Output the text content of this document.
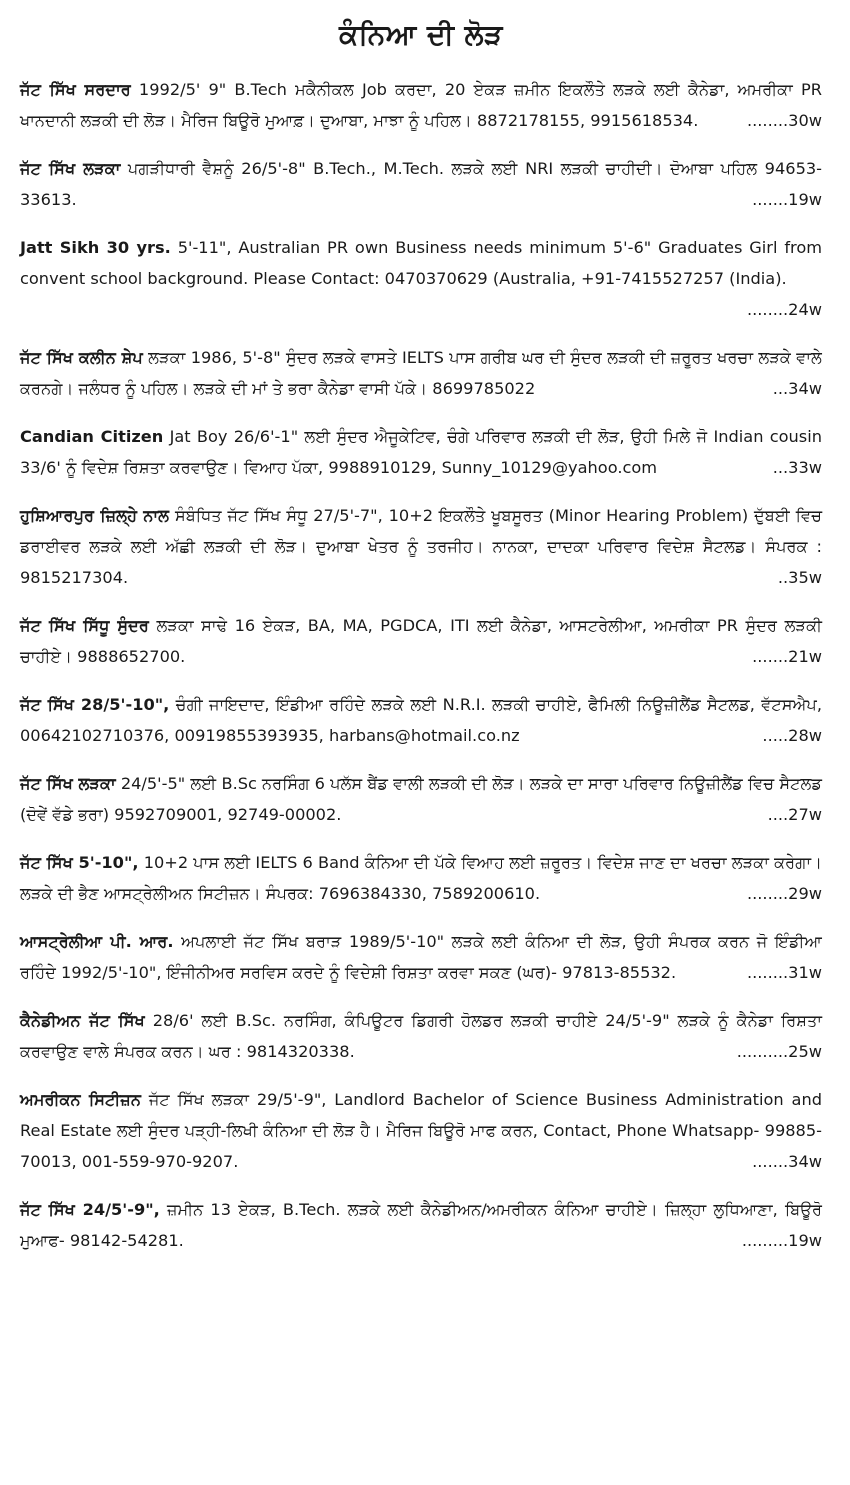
ਕੰਨਿਆ ਦੀ ਲੋੜ
ਜੱਟ ਸਿੱਖ ਸਰਦਾਰ 1992/5' 9" B.Tech ਮਕੈਨੀਕਲ Job ਕਰਦਾ, 20 ਏਕੜ ਜ਼ਮੀਨ ਇਕਲੌਤੇ ਲੜਕੇ ਲਈ ਕੈਨੇਡਾ, ਅਮਰੀਕਾ PR ਖਾਨਦਾਨੀ ਲੜਕੀ ਦੀ ਲੋੜ। ਮੈਰਿਜ ਬਿਊਰੋ ਮੁਆਫ਼। ਦੁਆਬਾ, ਮਾਝਾ ਨੂੰ ਪਹਿਲ। 8872178155, 9915618534.	........30w
ਜੱਟ ਸਿੱਖ ਲੜਕਾ ਪਗੜੀਧਾਰੀ ਵੈਸ਼ਨੂੰ 26/5'-8" B.Tech., M.Tech. ਲੜਕੇ ਲਈ NRI ਲੜਕੀ ਚਾਹੀਦੀ। ਦੋਆਬਾ ਪਹਿਲ 94653-33613.	.......19w
Jatt Sikh 30 yrs. 5'-11", Australian PR own Business needs minimum 5'-6" Graduates Girl from convent school background. Please Contact: 0470370629 (Australia, +91-7415527257 (India).
........24w
ਜੱਟ ਸਿੱਖ ਕਲੀਨ ਸ਼ੇਪ ਲੜਕਾ 1986, 5'-8" ਸੁੰਦਰ ਲੜਕੇ ਵਾਸਤੇ IELTS ਪਾਸ ਗਰੀਬ ਘਰ ਦੀ ਸੁੰਦਰ ਲੜਕੀ ਦੀ ਜ਼ਰੂਰਤ ਖਰਚਾ ਲੜਕੇ ਵਾਲੇ ਕਰਨਗੇ। ਜਲੰਧਰ ਨੂੰ ਪਹਿਲ। ਲੜਕੇ ਦੀ ਮਾਂ ਤੇ ਭਰਾ ਕੈਨੇਡਾ ਵਾਸੀ ਪੱਕੇ। 8699785022	...34w
Candian Citizen Jat Boy 26/6'-1" ਲਈ ਸੁੰਦਰ ਐਜੂਕੇਟਿਵ, ਚੰਗੇ ਪਰਿਵਾਰ ਲੜਕੀ ਦੀ ਲੋੜ, ਉਹੀ ਮਿਲੇ ਜੋ Indian cousin 33/6' ਨੂੰ ਵਿਦੇਸ਼ ਰਿਸ਼ਤਾ ਕਰਵਾਉਣ। ਵਿਆਹ ਪੱਕਾ, 9988910129, Sunny_10129@yahoo.com	...33w
ਹੁਸ਼ਿਆਰਪੁਰ ਜ਼ਿਲ੍ਹੇ ਨਾਲ ਸੰਬੰਧਿਤ ਜੱਟ ਸਿੱਖ ਸੰਧੂ 27/5'-7", 10+2 ਇਕਲੌਤੇ ਖੂਬਸੂਰਤ (Minor Hearing Problem) ਦੁੱਬਈ ਵਿਚ ਡਰਾਈਵਰ ਲੜਕੇ ਲਈ ਅੱਛੀ ਲੜਕੀ ਦੀ ਲੋੜ। ਦੁਆਬਾ ਖੇਤਰ ਨੂੰ ਤਰਜੀਹ। ਨਾਨਕਾ, ਦਾਦਕਾ ਪਰਿਵਾਰ ਵਿਦੇਸ਼ ਸੈਟਲਡ। ਸੰਪਰਕ : 9815217304.	..35w
ਜੱਟ ਸਿੱਖ ਸਿੱਧੂ ਸੁੰਦਰ ਲੜਕਾ ਸਾਢੇ 16 ਏਕੜ, BA, MA, PGDCA, ITI ਲਈ ਕੈਨੇਡਾ, ਆਸਟਰੇਲੀਆ, ਅਮਰੀਕਾ PR ਸੁੰਦਰ ਲੜਕੀ ਚਾਹੀਏ। 9888652700.	.......21w
ਜੱਟ ਸਿੱਖ 28/5'-10", ਚੰਗੀ ਜਾਇਦਾਦ, ਇੰਡੀਆ ਰਹਿੰਦੇ ਲੜਕੇ ਲਈ N.R.I. ਲੜਕੀ ਚਾਹੀਏ, ਫੈਮਿਲੀ ਨਿਊਜ਼ੀਲੈਂਡ ਸੈਟਲਡ, ਵੱਟਸਐਪ, 00642102710376, 00919855393935, harbans@hotmail.co.nz	.....28w
ਜੱਟ ਸਿੱਖ ਲੜਕਾ 24/5'-5" ਲਈ B.Sc ਨਰਸਿੰਗ 6 ਪਲੱਸ ਬੈਂਡ ਵਾਲੀ ਲੜਕੀ ਦੀ ਲੋੜ। ਲੜਕੇ ਦਾ ਸਾਰਾ ਪਰਿਵਾਰ ਨਿਊਜ਼ੀਲੈਂਡ ਵਿਚ ਸੈਟਲਡ (ਦੋਵੇਂ ਵੱਡੇ ਭਰਾ) 9592709001, 92749-00002.	....27w
ਜੱਟ ਸਿੱਖ 5'-10", 10+2 ਪਾਸ ਲਈ IELTS 6 Band ਕੰਨਿਆ ਦੀ ਪੱਕੇ ਵਿਆਹ ਲਈ ਜ਼ਰੂਰਤ। ਵਿਦੇਸ਼ ਜਾਣ ਦਾ ਖਰਚਾ ਲੜਕਾ ਕਰੇਗਾ। ਲੜਕੇ ਦੀ ਭੈਣ ਆਸਟ੍ਰੇਲੀਅਨ ਸਿਟੀਜ਼ਨ। ਸੰਪਰਕ: 7696384330, 7589200610.	........29w
ਆਸਟ੍ਰੇਲੀਆ ਪੀ. ਆਰ. ਅਪਲਾਈ ਜੱਟ ਸਿੱਖ ਬਰਾੜ 1989/5'-10" ਲੜਕੇ ਲਈ ਕੰਨਿਆ ਦੀ ਲੋੜ, ਉਹੀ ਸੰਪਰਕ ਕਰਨ ਜੋ ਇੰਡੀਆ ਰਹਿੰਦੇ 1992/5'-10", ਇੰਜੀਨੀਅਰ ਸਰਵਿਸ ਕਰਦੇ ਨੂੰ ਵਿਦੇਸ਼ੀ ਰਿਸ਼ਤਾ ਕਰਵਾ ਸਕਣ (ਘਰ)- 97813-85532.	........31w
ਕੈਨੇਡੀਅਨ ਜੱਟ ਸਿੱਖ 28/6' ਲਈ B.Sc. ਨਰਸਿੰਗ, ਕੰਪਿਊਟਰ ਡਿਗਰੀ ਹੋਲਡਰ ਲੜਕੀ ਚਾਹੀਏ 24/5'-9" ਲੜਕੇ ਨੂੰ ਕੈਨੇਡਾ ਰਿਸ਼ਤਾ ਕਰਵਾਉਣ ਵਾਲੇ ਸੰਪਰਕ ਕਰਨ। ਘਰ : 9814320338.	..........25w
ਅਮਰੀਕਨ ਸਿਟੀਜ਼ਨ ਜੱਟ ਸਿੱਖ ਲੜਕਾ 29/5'-9", Landlord Bachelor of Science Business Administration and Real Estate ਲਈ ਸੁੰਦਰ ਪੜ੍ਹੀ-ਲਿਖੀ ਕੰਨਿਆ ਦੀ ਲੋੜ ਹੈ। ਮੈਰਿਜ ਬਿਊਰੋ ਮਾਫ ਕਰਨ, Contact, Phone Whatsapp- 99885-70013, 001-559-970-9207.	.......34w
ਜੱਟ ਸਿੱਖ 24/5'-9", ਜ਼ਮੀਨ 13 ਏਕੜ, B.Tech. ਲੜਕੇ ਲਈ ਕੈਨੇਡੀਅਨ/ਅਮਰੀਕਨ ਕੰਨਿਆ ਚਾਹੀਏ। ਜ਼ਿਲ੍ਹਾ ਲੁਧਿਆਣਾ, ਬਿਊਰੋ ਮੁਆਫ- 98142-54281.	.........19w
